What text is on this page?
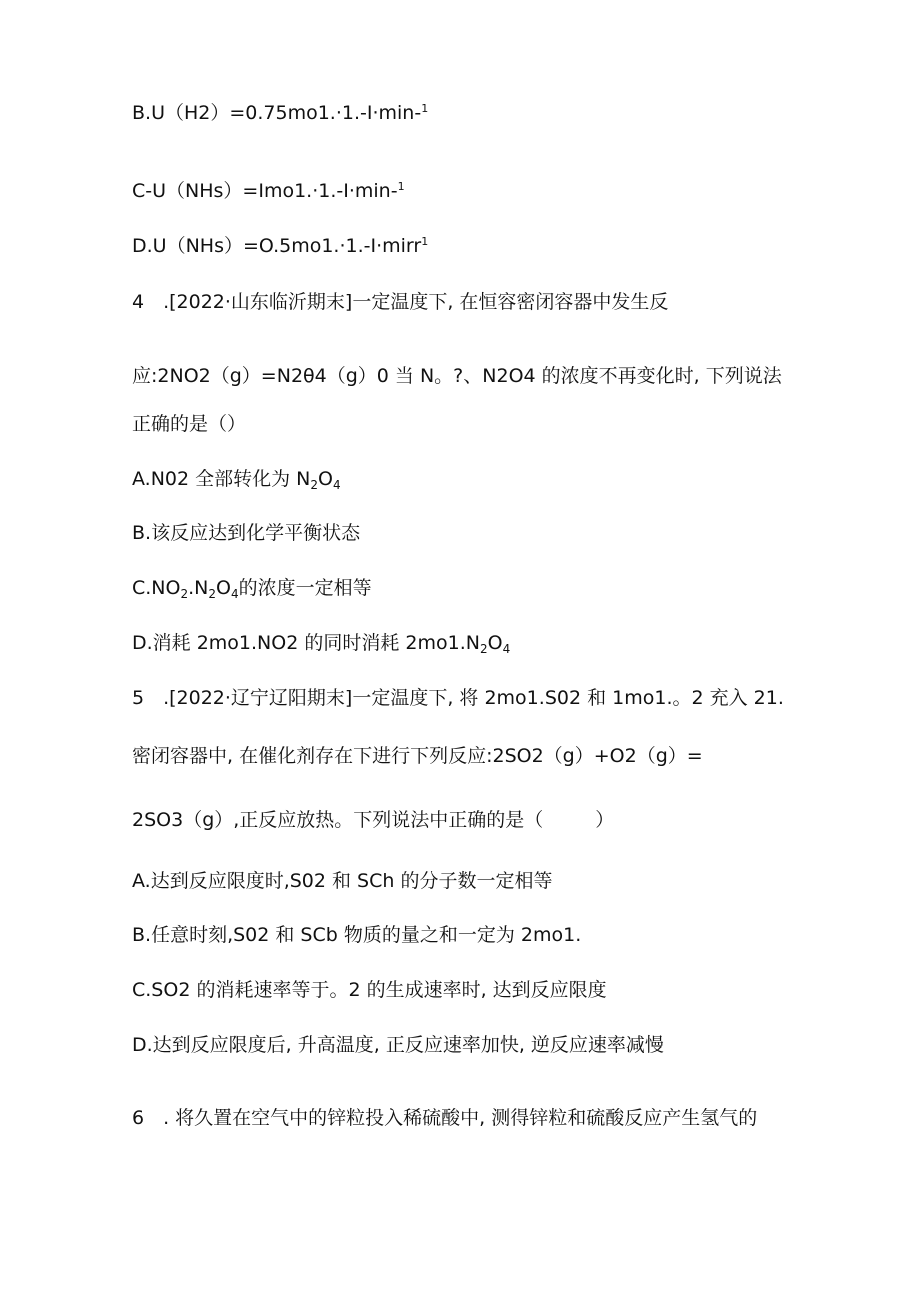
B.U（H2）=0.75mo1.·1.-I·min-$^1$

C-U（NHs）=Imo1.·1.-I·min-$^1$

D.U（NHs）=O.5mo1.·1.-I·mirr$^1$

4　.[2022·山东临沂期末]一定温度下, 在恒容密闭容器中发生反

应:2NO2（g）=N2θ4（g）0 当 N。?、N2O4 的浓度不再变化时, 下列说法

正确的是（）

A.N02 全部转化为 $N_2O_4$

B.该反应达到化学平衡状态

$C.NO_2.N_2O_4$的浓度一定相等

D.消耗 2mo1.NO2 的同时消耗 $2mo1.N_2O_4$

5　.[2022·辽宁辽阳期末]一定温度下, 将 2mo1.S02 和 1mo1.。2 充入 21.

密闭容器中, 在催化剂存在下进行下列反应:2SO2（g）+O2（g）=

2SO3（g）,正反应放热。下列说法中正确的是（	）

A.达到反应限度时,S02 和 SCh 的分子数一定相等

B.任意时刻,S02 和 SCb 物质的量之和一定为 2mo1.

C.SO2 的消耗速率等于。2 的生成速率时, 达到反应限度

D.达到反应限度后, 升高温度, 正反应速率加快, 逆反应速率减慢

6　. 将久置在空气中的锌粒投入稀硫酸中, 测得锌粒和硫酸反应产生氢气的
